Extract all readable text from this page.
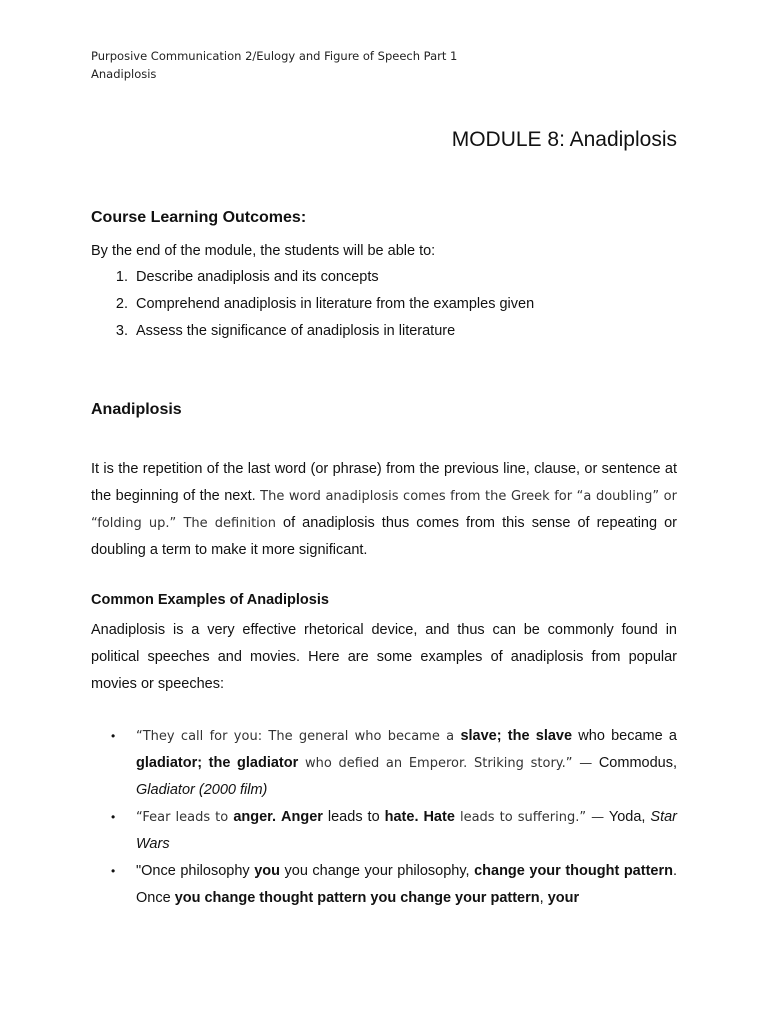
Purposive Communication 2/Eulogy and Figure of Speech Part 1
Anadiplosis
MODULE 8: Anadiplosis
Course Learning Outcomes:

By the end of the module, the students will be able to:

1. Describe anadiplosis and its concepts
2. Comprehend anadiplosis in literature from the examples given
3. Assess the significance of anadiplosis in literature
Anadiplosis

It is the repetition of the last word (or phrase) from the previous line, clause, or sentence at the beginning of the next. The word anadiplosis comes from the Greek for “a doubling” or “folding up.” The definition of anadiplosis thus comes from this sense of repeating or doubling a term to make it more significant.

Common Examples of Anadiplosis

Anadiplosis is a very effective rhetorical device, and thus can be commonly found in political speeches and movies. Here are some examples of anadiplosis from popular movies or speeches:

• “They call for you: The general who became a slave; the slave who became a gladiator; the gladiator who defied an Emperor. Striking story.” — Commodus, Gladiator (2000 film)
• “Fear leads to anger. Anger leads to hate. Hate leads to suffering.” — Yoda, Star Wars
• "Once philosophy you you change your philosophy, change your thought pattern. Once you change thought pattern you change your pattern, your
